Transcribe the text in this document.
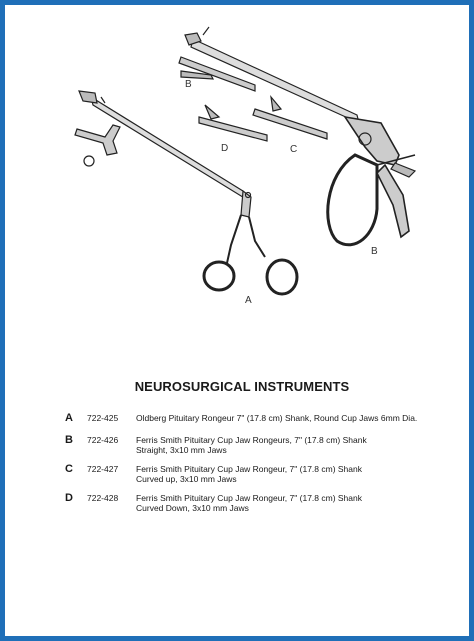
B
D	C
B
A
NEUROSURGICAL INSTRUMENTS
A 722-425 Oldberg Pituitary Rongeur 7" (17.8 cm) Shank, Round Cup Jaws 6mm Dia.
B 722-426 Ferris Smith Pituitary Cup Jaw Rongeurs, 7" (17.8 cm) Shank
Straight, 3x10 mm Jaws
C 722-427 Ferris Smith Pituitary Cup Jaw Rongeur, 7" (17.8 cm) Shank
Curved up, 3x10 mm Jaws
D 722-428 Ferris Smith Pituitary Cup Jaw Rongeur, 7" (17.8 cm) Shank
Curved Down, 3x10 mm Jaws
